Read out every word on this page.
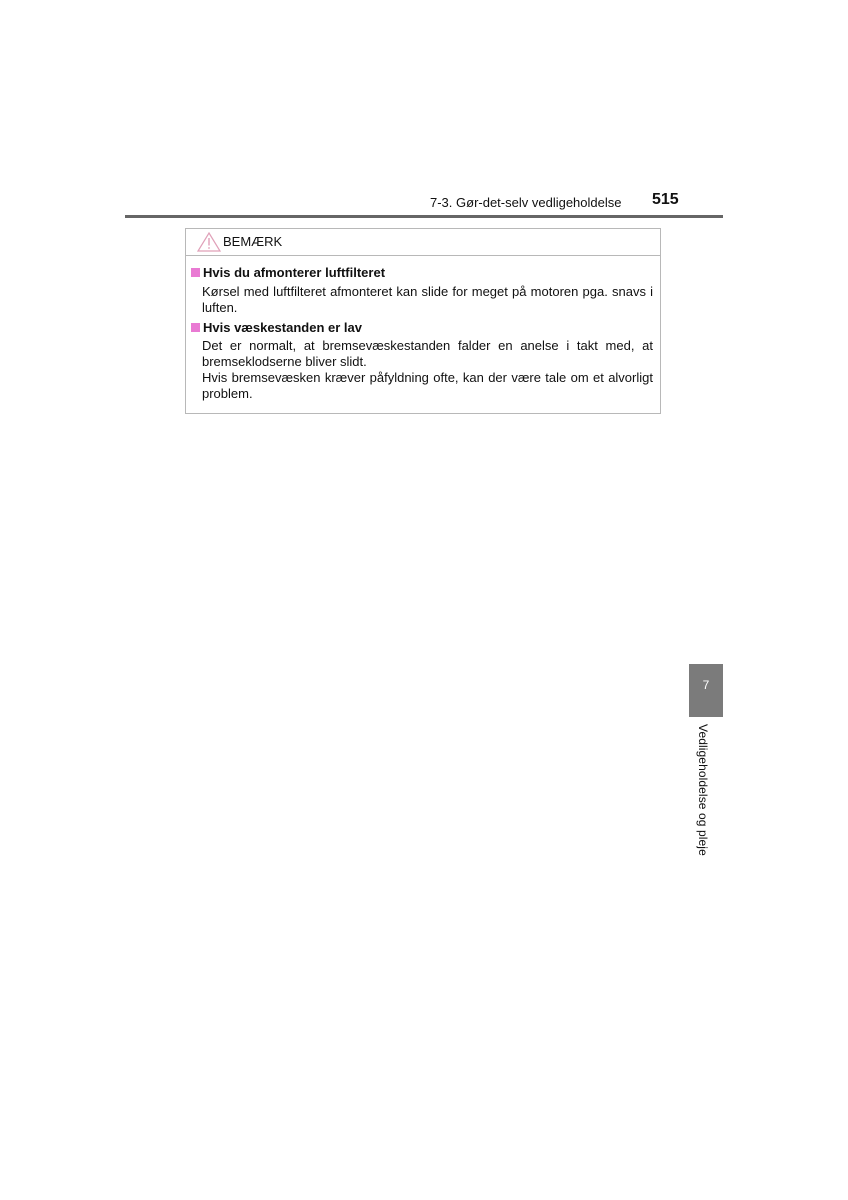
7-3. Gør-det-selv vedligeholdelse 515
BEMÆRK
Hvis du afmonterer luftfilteret
Kørsel med luftfilteret afmonteret kan slide for meget på motoren pga. snavs i luften.
Hvis væskestanden er lav
Det er normalt, at bremsevæskestanden falder en anelse i takt med, at bremseklodserne bliver slidt.
Hvis bremsevæsken kræver påfyldning ofte, kan der være tale om et alvorligt problem.
7
Vedligeholdelse og pleje
